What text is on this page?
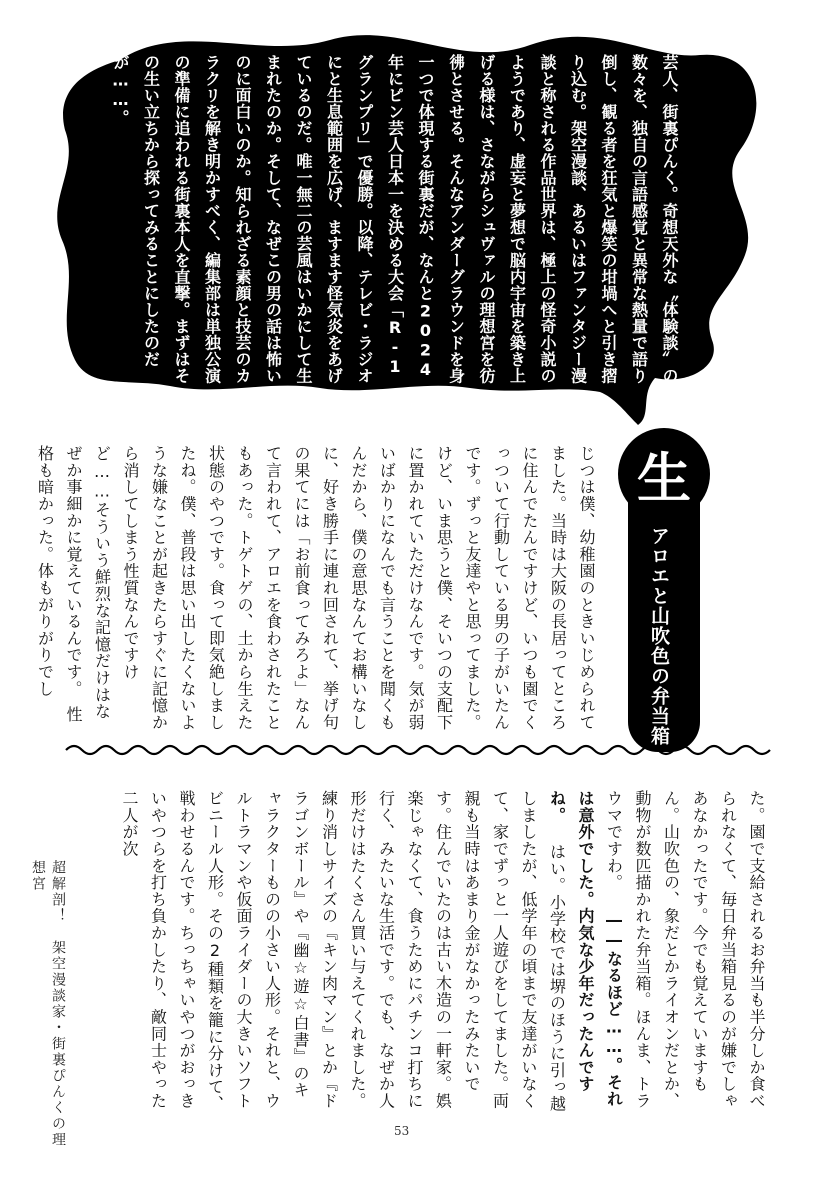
芸人、街裏ぴんく。奇想天外な〝体験談〟の数々を、独自の言語感覚と異常な熱量で語り倒し、観る者を狂気と爆笑の坩堝へと引き摺り込む。架空漫談、あるいはファンタジー漫談と称される作品世界は、極上の怪奇小説のようであり、虚妄と夢想で脳内宇宙を築き上げる様は、さながらシュヴァルの理想宮を彷彿とさせる。そんなアンダーグラウンドを身一つで体現する街裏だが、なんと2024年にピン芸人日本一を決める大会「R-1グランプリ」で優勝。以降、テレビ・ラジオにと生息範囲を広げ、ますます怪気炎をあげているのだ。唯一無二の芸風はいかにして生まれたのか。そして、なぜこの男の話は怖いのに面白いのか。知られざる素顔と技芸のカラクリを解き明かすべく、編集部は単独公演の準備に追われる街裏本人を直撃。まずはその生い立ちから探ってみることにしたのだが……。
生
アロエと山吹色の弁当箱
じつは僕、幼稚園のときいじめられてました。当時は大阪の長居ってところに住んでたんですけど、いつも園でくっついて行動している男の子がいたんです。ずっと友達やと思ってました。けど、いま思うと僕、そいつの支配下に置かれていただけなんです。気が弱いばかりになんでも言うことを聞くもんだから、僕の意思なんてお構いなしに、好き勝手に連れ回されて、挙げ句の果てには「お前食ってみろよ」なんて言われて、アロエを食わされたこともあった。トゲトゲの、土から生えた状態のやつです。食って即気絶しましたね。僕、普段は思い出したくないような嫌なことが起きたらすぐに記憶から消してしまう性質なんですけど……そういう鮮烈な記憶だけはなぜか事細かに覚えているんです。　性格も暗かった。体もがりがりでし
た。園で支給されるお弁当も半分しか食べられなくて、毎日弁当箱見るのが嫌でしゃあなかったです。今でも覚えていますもん。山吹色の、象だとかライオンだとか、動物が数匹描かれた弁当箱。ほんま、トラウマですわ。 ――なるほど……。それは意外でした。内気な少年だったんですね。 はい。小学校では堺のほうに引っ越しましたが、低学年の頃まで友達がいなくて、家でずっと一人遊びをしてました。両親も当時はあまり金がなかったみたいです。住んでいたのは古い木造の一軒家。娯楽じゃなくて、食うためにパチンコ打ちに行く、みたいな生活です。でも、なぜか人形だけはたくさん買い与えてくれました。練り消しサイズの『キン肉マン』とか『ドラゴンボール』や『幽☆遊☆白書』のキャラクターものの小さい人形。それと、ウルトラマンや仮面ライダーの大きいソフトビニール人形。その2種類を籠に分けて、戦わせるんです。ちっちゃいやつがおっきいやつらを打ち負かしたり、敵同士やった二人が次
超解剖！　架空漫談家・街裏ぴんくの理想宮
53
